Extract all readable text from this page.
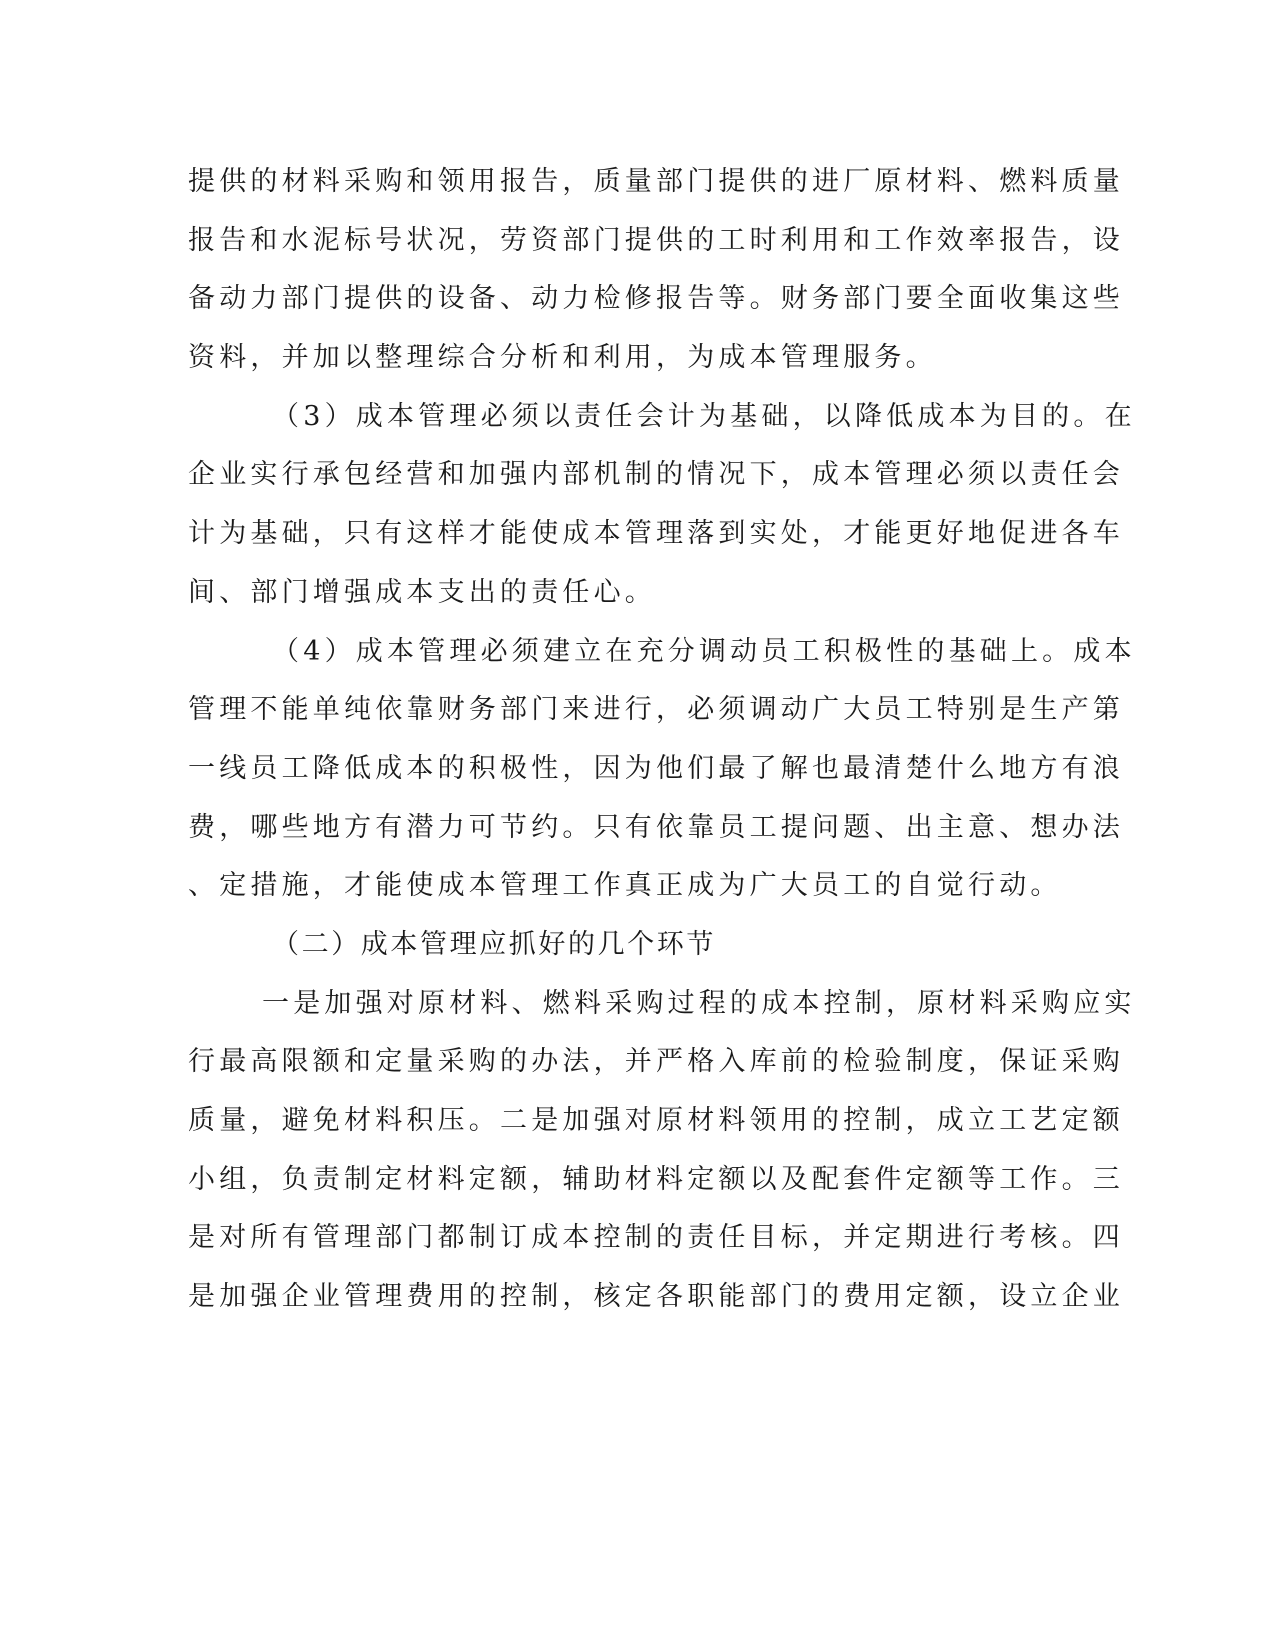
提供的材料采购和领用报告，质量部门提供的进厂原材料、燃料质量
报告和水泥标号状况，劳资部门提供的工时利用和工作效率报告，设
备动力部门提供的设备、动力检修报告等。财务部门要全面收集这些
资料，并加以整理综合分析和利用，为成本管理服务。
（3）成本管理必须以责任会计为基础，以降低成本为目的。在
企业实行承包经营和加强内部机制的情况下，成本管理必须以责任会
计为基础，只有这样才能使成本管理落到实处，才能更好地促进各车
间、部门增强成本支出的责任心。
（4）成本管理必须建立在充分调动员工积极性的基础上。成本
管理不能单纯依靠财务部门来进行，必须调动广大员工特别是生产第
一线员工降低成本的积极性，因为他们最了解也最清楚什么地方有浪
费，哪些地方有潜力可节约。只有依靠员工提问题、出主意、想办法
、定措施，才能使成本管理工作真正成为广大员工的自觉行动。
（二）成本管理应抓好的几个环节
一是加强对原材料、燃料采购过程的成本控制，原材料采购应实
行最高限额和定量采购的办法，并严格入库前的检验制度，保证采购
质量，避免材料积压。二是加强对原材料领用的控制，成立工艺定额
小组，负责制定材料定额，辅助材料定额以及配套件定额等工作。三
是对所有管理部门都制订成本控制的责任目标，并定期进行考核。四
是加强企业管理费用的控制，核定各职能部门的费用定额，设立企业
